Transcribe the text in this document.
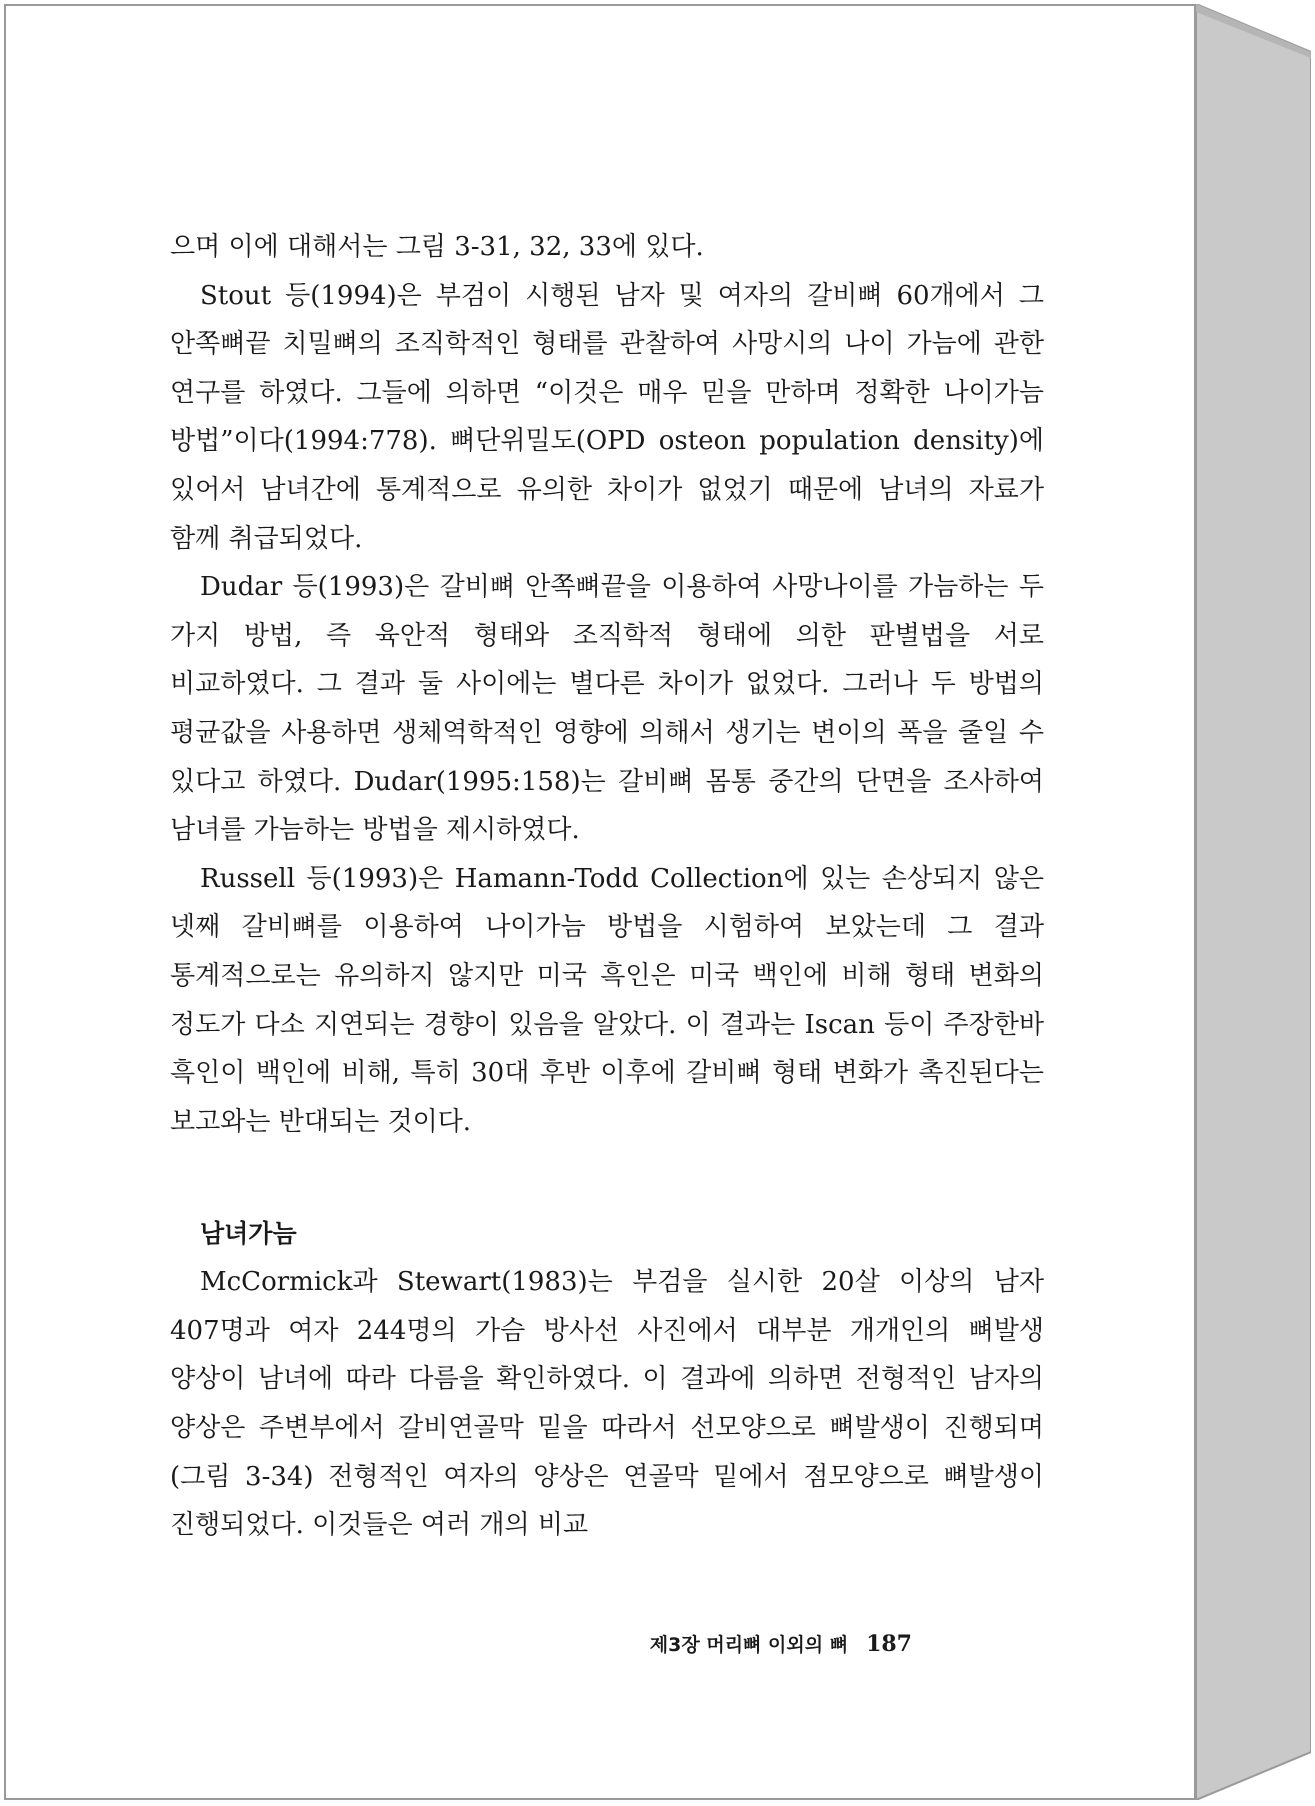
으며 이에 대해서는 그림 3-31, 32, 33에 있다.

Stout 등(1994)은 부검이 시행된 남자 및 여자의 갈비뼈 60개에서 그 안쪽뼈끝 치밀뼈의 조직학적인 형태를 관찰하여 사망시의 나이 가늠에 관한 연구를 하였다. 그들에 의하면 “이것은 매우 믿을 만하며 정확한 나이가늠 방법”이다(1994:778). 뼈단위밀도(OPD osteon population density)에 있어서 남녀간에 통계적으로 유의한 차이가 없었기 때문에 남녀의 자료가 함께 취급되었다.

Dudar 등(1993)은 갈비뼈 안쪽뼈끝을 이용하여 사망나이를 가늠하는 두 가지 방법, 즉 육안적 형태와 조직학적 형태에 의한 판별법을 서로 비교하였다. 그 결과 둘 사이에는 별다른 차이가 없었다. 그러나 두 방법의 평균값을 사용하면 생체역학적인 영향에 의해서 생기는 변이의 폭을 줄일 수 있다고 하였다. Dudar(1995:158)는 갈비뼈 몸통 중간의 단면을 조사하여 남녀를 가늠하는 방법을 제시하였다.

Russell 등(1993)은 Hamann-Todd Collection에 있는 손상되지 않은 넷째 갈비뼈를 이용하여 나이가늠 방법을 시험하여 보았는데 그 결과 통계적으로는 유의하지 않지만 미국 흑인은 미국 백인에 비해 형태 변화의 정도가 다소 지연되는 경향이 있음을 알았다. 이 결과는 Iscan 등이 주장한바 흑인이 백인에 비해, 특히 30대 후반 이후에 갈비뼈 형태 변화가 촉진된다는 보고와는 반대되는 것이다.

남녀가늠

McCormick과 Stewart(1983)는 부검을 실시한 20살 이상의 남자 407명과 여자 244명의 가슴 방사선 사진에서 대부분 개개인의 뼈발생 양상이 남녀에 따라 다름을 확인하였다. 이 결과에 의하면 전형적인 남자의 양상은 주변부에서 갈비연골막 밑을 따라서 선모양으로 뼈발생이 진행되며(그림 3-34) 전형적인 여자의 양상은 연골막 밑에서 점모양으로 뼈발생이 진행되었다. 이것들은 여러 개의 비교

제3장 머리뼈 이외의 뼈 187
